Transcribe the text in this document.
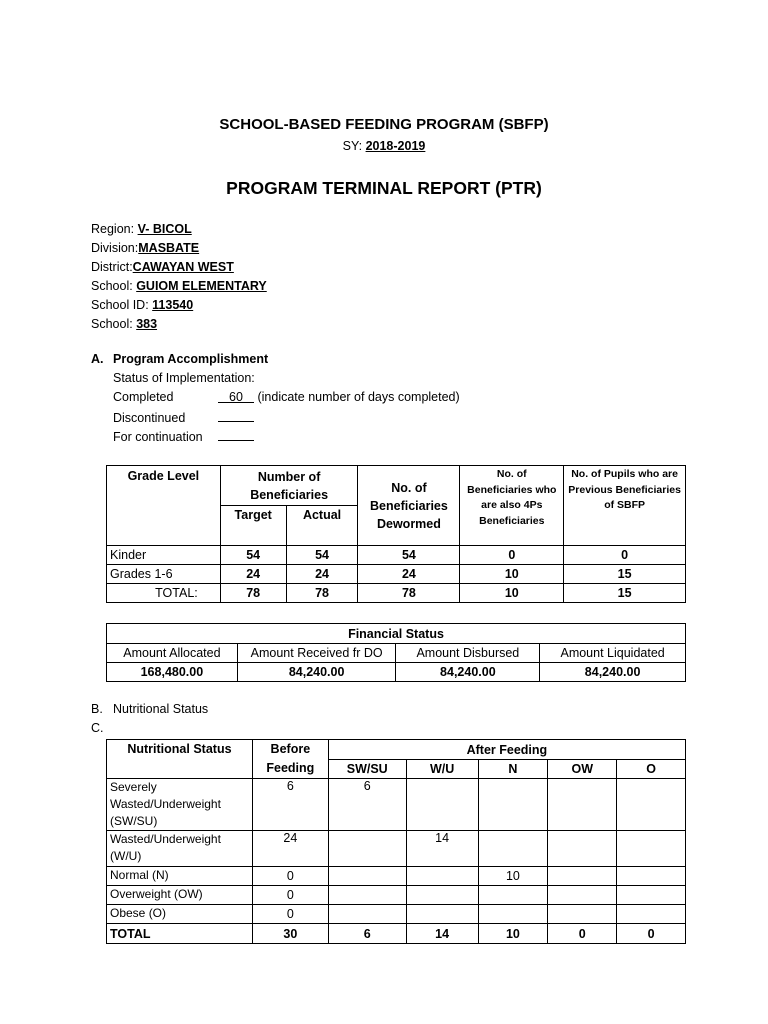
SCHOOL-BASED FEEDING PROGRAM (SBFP)
SY: 2018-2019
PROGRAM TERMINAL REPORT (PTR)
Region: V- BICOL
Division:MASBATE
District:CAWAYAN WEST
School: GUIOM ELEMENTARY
School ID: 113540
School: 383
A. Program Accomplishment
Status of Implementation:
Completed	60 (indicate number of days completed)
Discontinued
For continuation
Grade Level	Number of Beneficiaries		No. of Beneficiaries Dewormed	No. of Beneficiaries who are also 4Ps Beneficiaries	No. of Pupils who are Previous Beneficiaries of SBFP
	Target	Actual			
Kinder	54	54	54	0	0
Grades 1-6	24	24	24	10	15
TOTAL:	78	78	78	10	15
Financial Status			
Amount Allocated	Amount Received fr DO	Amount Disbursed	Amount Liquidated
168,480.00	84,240.00	84,240.00	84,240.00
B. Nutritional Status
C.
Nutritional Status	Before Feeding	After Feeding				
		SW/SU	W/U	N	OW	O
Severely Wasted/Underweight (SW/SU)	6	6				
Wasted/Underweight (W/U)	24		14			
Normal (N)	0			10		
Overweight (OW)	0					
Obese (O)	0					
TOTAL	30	6	14	10	0	0
